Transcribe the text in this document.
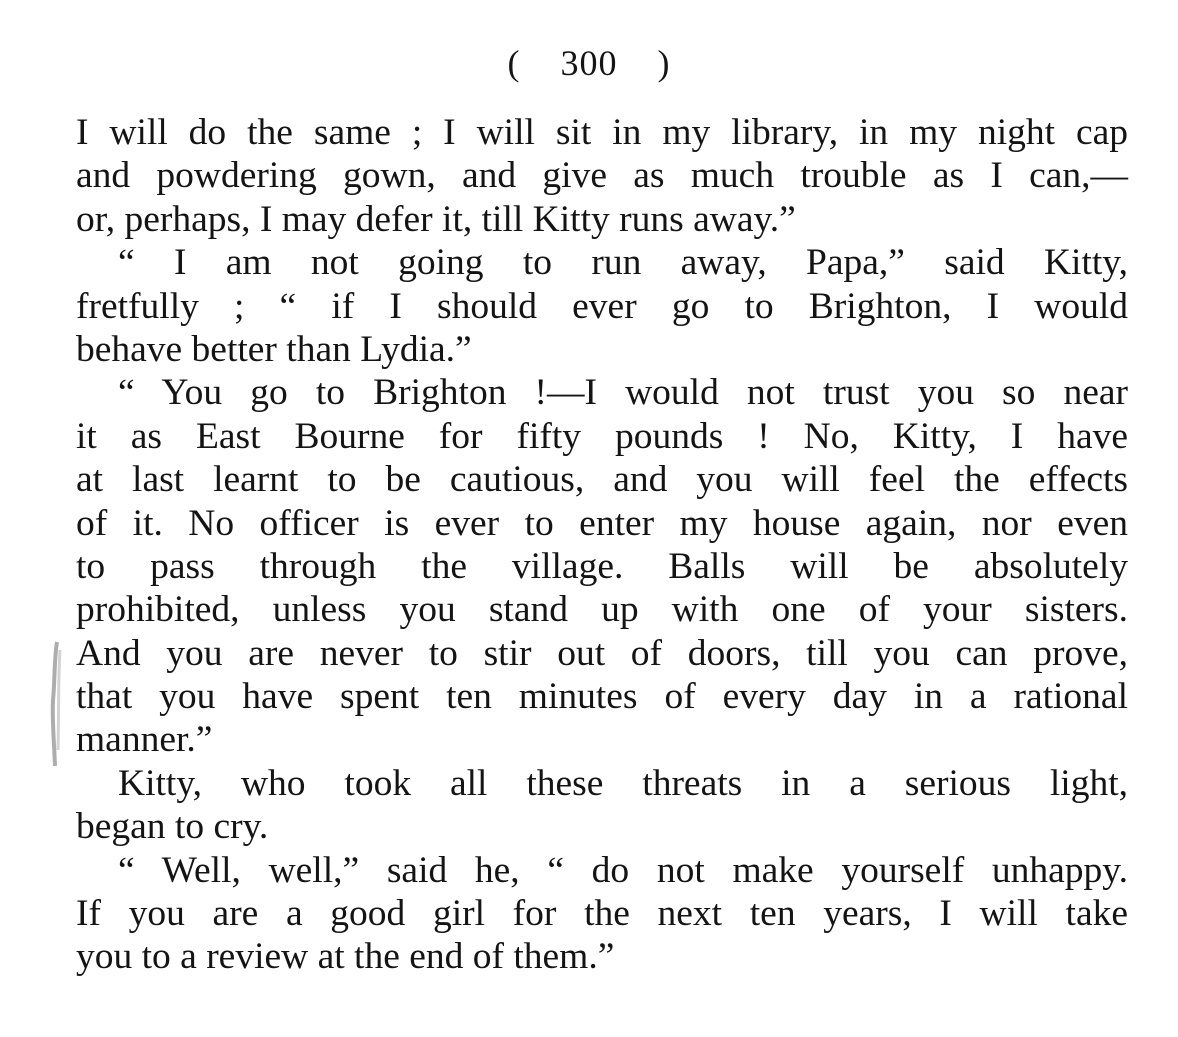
( 300 )
I will do the same ; I will sit in my library, in my night cap
and powdering gown, and give as much trouble as I can,—
or, perhaps, I may defer it, till Kitty runs away.”
“ I am not going to run away, Papa,” said Kitty,
fretfully ; “ if I should ever go to Brighton, I would
behave better than Lydia.”
“ You go to Brighton !—I would not trust you so near
it as East Bourne for fifty pounds ! No, Kitty, I have
at last learnt to be cautious, and you will feel the effects
of it. No officer is ever to enter my house again, nor even
to pass through the village. Balls will be absolutely
prohibited, unless you stand up with one of your sisters.
And you are never to stir out of doors, till you can prove,
that you have spent ten minutes of every day in a rational
manner.”
Kitty, who took all these threats in a serious light,
began to cry.
“ Well, well,” said he, “ do not make yourself unhappy.
If you are a good girl for the next ten years, I will take
you to a review at the end of them.”
